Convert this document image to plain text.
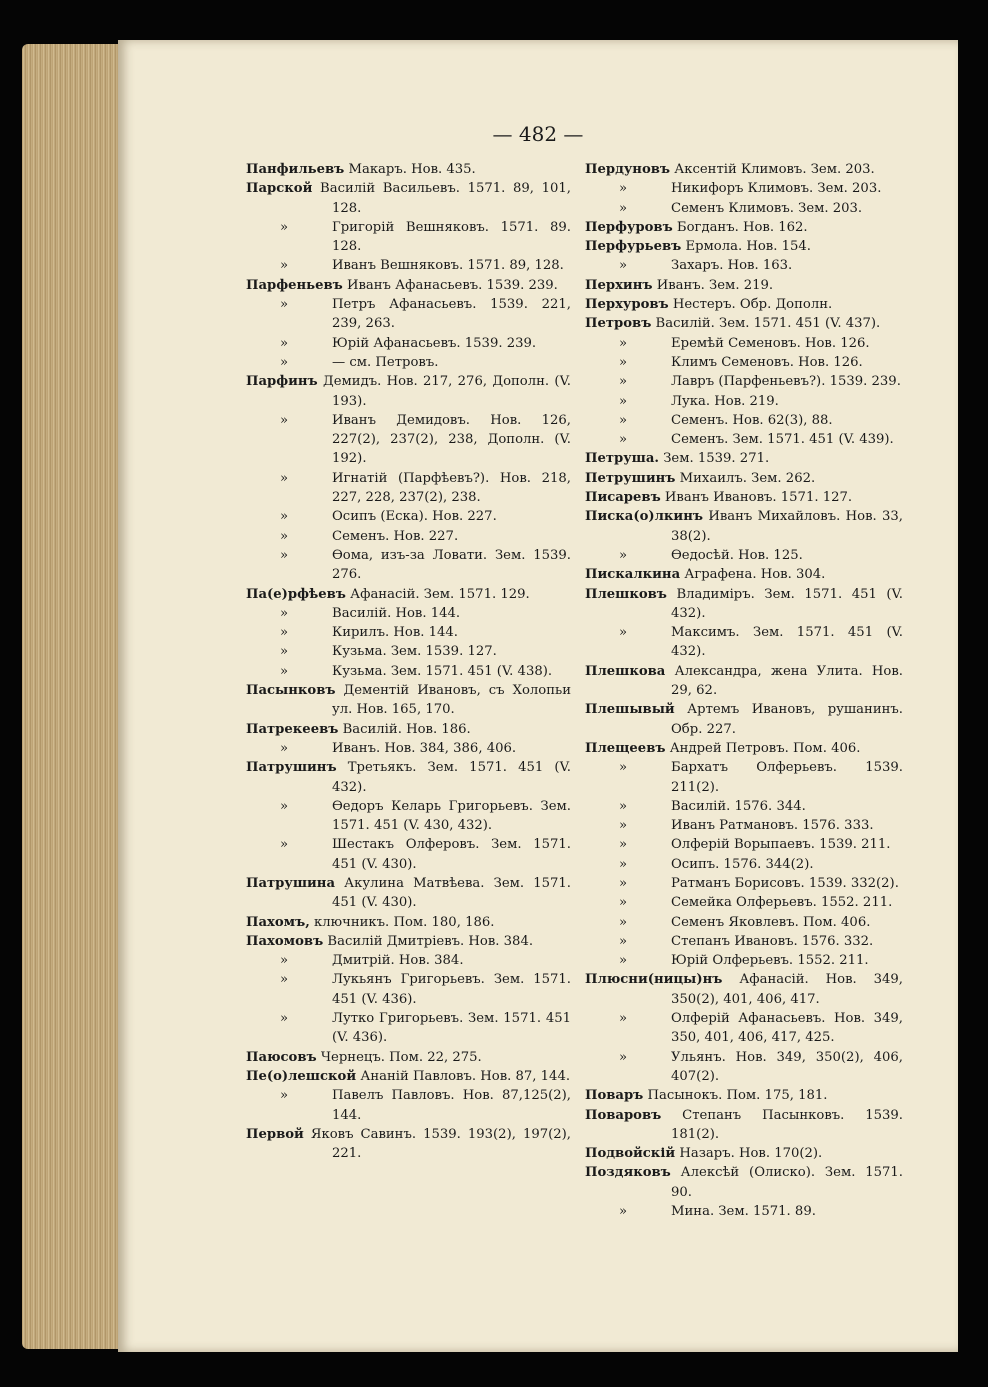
— 482 —
Панфильевъ Макаръ. Нов. 435.
Парской Василій Васильевъ. 1571. 89, 101, 128.
»	Григорій Вешняковъ. 1571. 89. 128.
»	Иванъ Вешняковъ. 1571. 89, 128.
Парфеньевъ Иванъ Афанасьевъ. 1539. 239.
»	Петръ Афанасьевъ. 1539. 221, 239, 263.
»	Юрій Афанасьевъ. 1539. 239.
»	— см. Петровъ.
Парфинъ Демидъ. Нов. 217, 276, Дополн. (V. 193).
»	Иванъ Демидовъ. Нов. 126, 227(2), 237(2), 238, Дополн. (V. 192).
»	Игнатій (Парфѣевъ?). Нов. 218, 227, 228, 237(2), 238.
»	Осипъ (Еска). Нов. 227.
»	Семенъ. Нов. 227.
»	Ѳома, изъ-за Ловати. Зем. 1539. 276.
Па(е)рфѣевъ Афанасій. Зем. 1571. 129.
»	Василій. Нов. 144.
»	Кирилъ. Нов. 144.
»	Кузьма. Зем. 1539. 127.
»	Кузьма. Зем. 1571. 451 (V. 438).
Пасынковъ Дементій Ивановъ, съ Холопьи ул. Нов. 165, 170.
Патрекеевъ Василій. Нов. 186.
»	Иванъ. Нов. 384, 386, 406.
Патрушинъ Третьякъ. Зем. 1571. 451 (V. 432).
»	Ѳедоръ Келарь Григорьевъ. Зем. 1571. 451 (V. 430, 432).
»	Шестакъ Олферовъ. Зем. 1571. 451 (V. 430).
Патрушина Акулина Матвѣева. Зем. 1571. 451 (V. 430).
Пахомъ, ключникъ. Пом. 180, 186.
Пахомовъ Василій Дмитріевъ. Нов. 384.
»	Дмитрій. Нов. 384.
»	Лукьянъ Григорьевъ. Зем. 1571. 451 (V. 436).
»	Лутко Григорьевъ. Зем. 1571. 451 (V. 436).
Паюсовъ Чернецъ. Пом. 22, 275.
Пе(о)лешской Ананій Павловъ. Нов. 87, 144.
»	Павелъ Павловъ. Нов. 87,125(2), 144.
Первой Яковъ Савинъ. 1539. 193(2), 197(2), 221.
Пердуновъ Аксентій Климовъ. Зем. 203.
»	Никифоръ Климовъ. Зем. 203.
»	Семенъ Климовъ. Зем. 203.
Перфуровъ Богданъ. Нов. 162.
Перфурьевъ Ермола. Нов. 154.
»	Захаръ. Нов. 163.
Перхинъ Иванъ. Зем. 219.
Перхуровъ Нестеръ. Обр. Дополн.
Петровъ Василій. Зем. 1571. 451 (V. 437).
»	Еремѣй Семеновъ. Нов. 126.
»	Климъ Семеновъ. Нов. 126.
»	Лавръ (Парфеньевъ?). 1539. 239.
»	Лука. Нов. 219.
»	Семенъ. Нов. 62(3), 88.
»	Семенъ. Зем. 1571. 451 (V. 439).
Петруша. Зем. 1539. 271.
Петрушинъ Михаилъ. Зем. 262.
Писаревъ Иванъ Ивановъ. 1571. 127.
Писка(о)лкинъ Иванъ Михайловъ. Нов. 33, 38(2).
»	Ѳедосѣй. Нов. 125.
Пискалкина Аграфена. Нов. 304.
Плешковъ Владиміръ. Зем. 1571. 451 (V. 432).
»	Максимъ. Зем. 1571. 451 (V. 432).
Плешкова Александра, жена Улита. Нов. 29, 62.
Плешывый Артемъ Ивановъ, рушанинъ. Обр. 227.
Плещеевъ Андрей Петровъ. Пом. 406.
»	Бархатъ Олферьевъ. 1539. 211(2).
»	Василій. 1576. 344.
»	Иванъ Ратмановъ. 1576. 333.
»	Олферій Ворыпаевъ. 1539. 211.
»	Осипъ. 1576. 344(2).
»	Ратманъ Борисовъ. 1539. 332(2).
»	Семейка Олферьевъ. 1552. 211.
»	Семенъ Яковлевъ. Пом. 406.
»	Степанъ Ивановъ. 1576. 332.
»	Юрій Олферьевъ. 1552. 211.
Плюсни(ницы)нъ Афанасій. Нов. 349, 350(2), 401, 406, 417.
»	Олферій Афанасьевъ. Нов. 349, 350, 401, 406, 417, 425.
»	Ульянъ. Нов. 349, 350(2), 406, 407(2).
Поваръ Пасынокъ. Пом. 175, 181.
Поваровъ Степанъ Пасынковъ. 1539. 181(2).
Подвойскій Назаръ. Нов. 170(2).
Поздяковъ Алексѣй (Олиско). Зем. 1571. 90.
»	Мина. Зем. 1571. 89.
